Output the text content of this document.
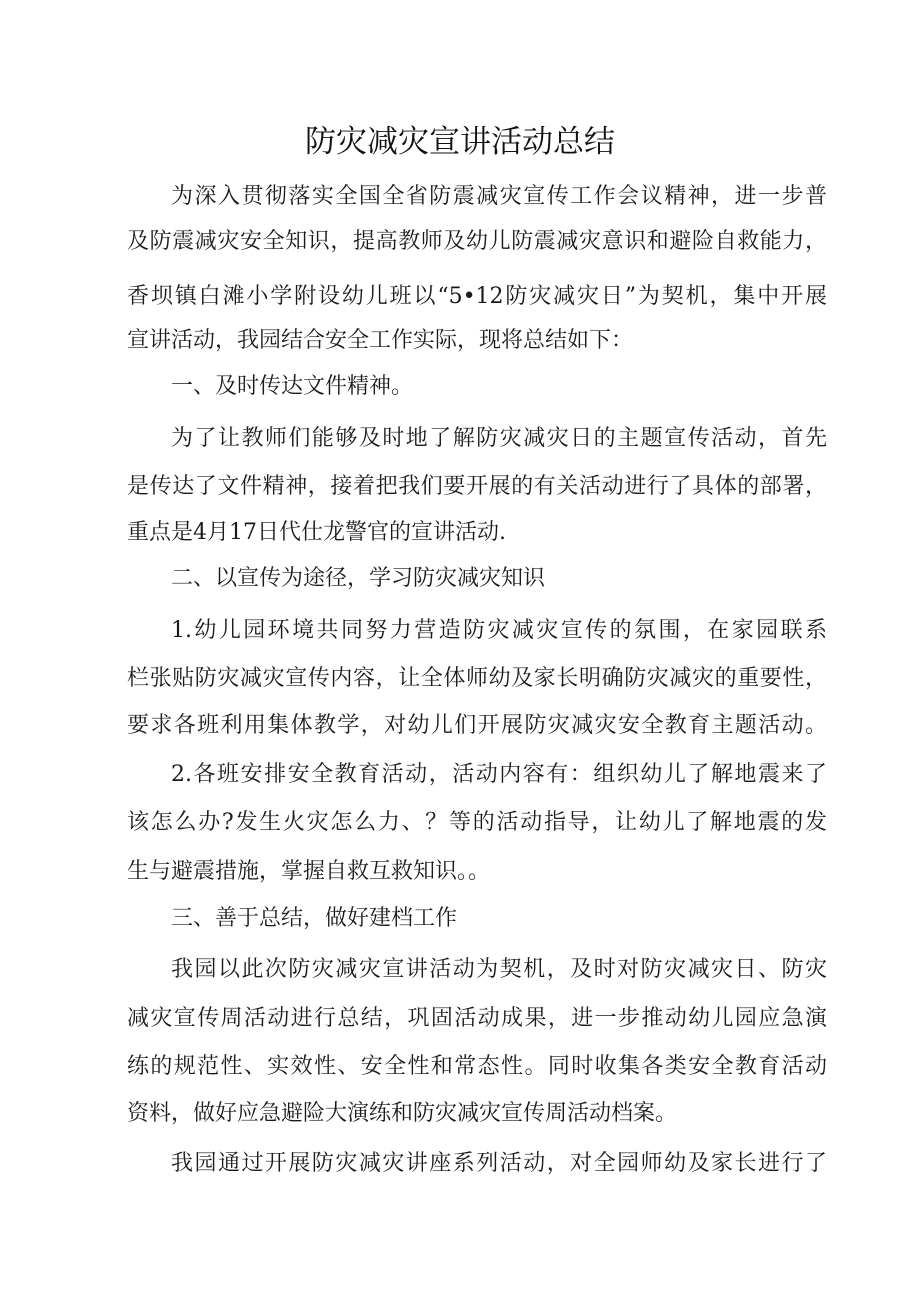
防灾减灾宣讲活动总结
为深入贯彻落实全国全省防震减灾宣传工作会议精神，进一步普
及防震减灾安全知识，提高教师及幼儿防震减灾意识和避险自救能力，
香坝镇白滩小学附设幼儿班以“5•12防灾减灾日”为契机，集中开展
宣讲活动，我园结合安全工作实际，现将总结如下：
一、及时传达文件精神。
为了让教师们能够及时地了解防灾减灾日的主题宣传活动，首先
是传达了文件精神，接着把我们要开展的有关活动进行了具体的部署，
重点是4月17日代仕龙警官的宣讲活动.
二、以宣传为途径，学习防灾减灾知识
1.幼儿园环境共同努力营造防灾减灾宣传的氛围，在家园联系
栏张贴防灾减灾宣传内容，让全体师幼及家长明确防灾减灾的重要性，
要求各班利用集体教学，对幼儿们开展防灾减灾安全教育主题活动。
2.各班安排安全教育活动，活动内容有：组织幼儿了解地震来了
该怎么办?发生火灾怎么力、？等的活动指导，让幼儿了解地震的发
生与避震措施，掌握自救互救知识。。
三、善于总结，做好建档工作
我园以此次防灾减灾宣讲活动为契机，及时对防灾减灾日、防灾
减灾宣传周活动进行总结，巩固活动成果，进一步推动幼儿园应急演
练的规范性、实效性、安全性和常态性。同时收集各类安全教育活动
资料，做好应急避险大演练和防灾减灾宣传周活动档案。
我园通过开展防灾减灾讲座系列活动，对全园师幼及家长进行了
